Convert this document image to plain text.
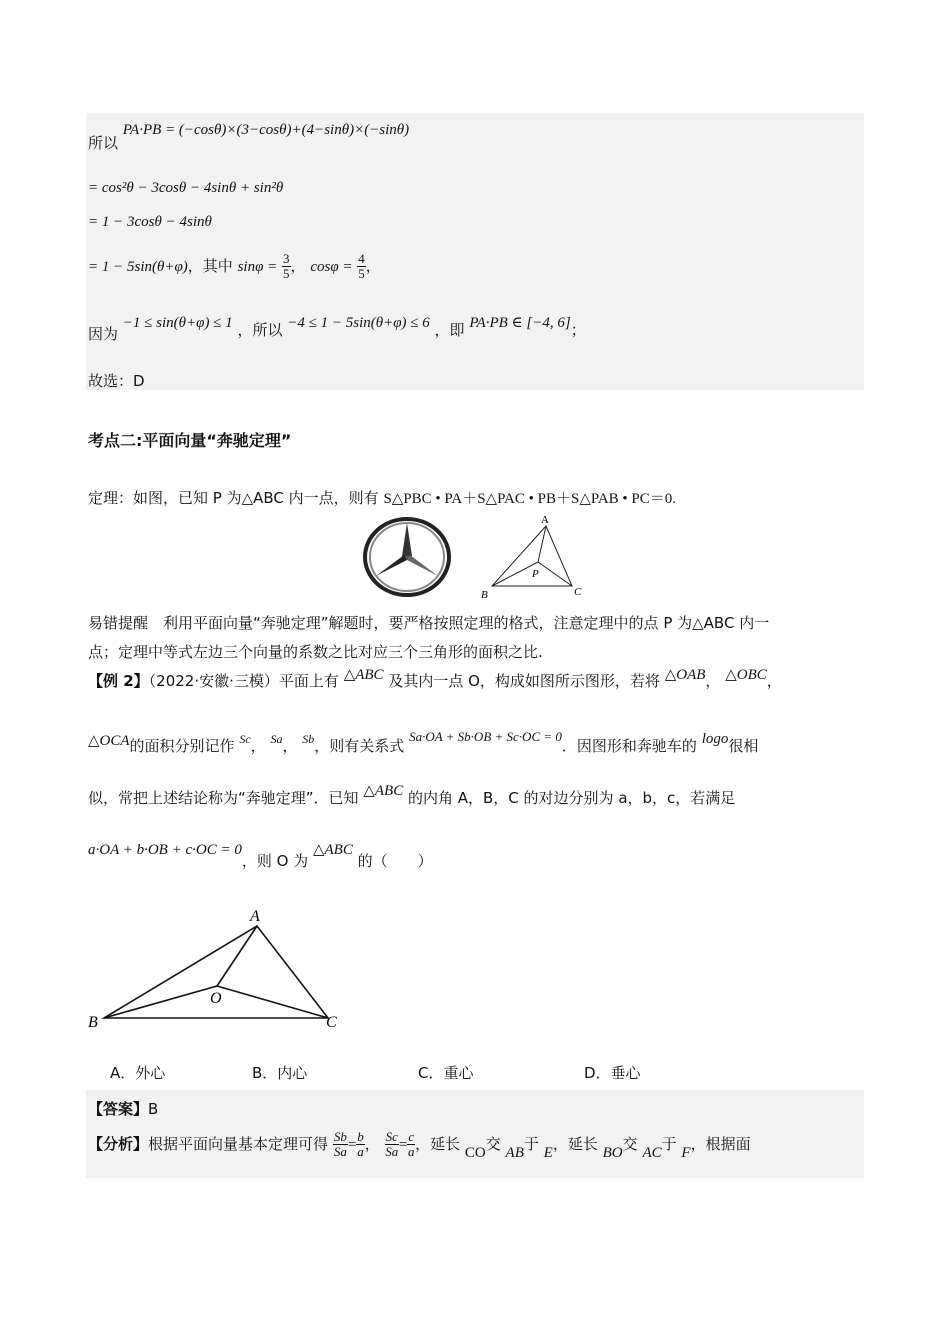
所以 PA·PB = (−cosθ)×(3−cosθ)+(4−sinθ)×(−sinθ)
= cos²θ − 3cosθ − 4sinθ + sin²θ
= 1 − 3cosθ − 4sinθ
= 1 − 5sin(θ+φ)，其中 $\sin\varphi = \frac{3}{5}$ ， $\cos\varphi = \frac{4}{5}$ ，
因为 −1 ≤ sin(θ+φ) ≤ 1 ，所以 −4 ≤ 1 − 5sin(θ+φ) ≤ 6 ，即 PA·PB ∈ [−4, 6]；
故选：D
考点二:平面向量“奔驰定理”
定理：如图，已知 P 为△ABC 内一点，则有 S△PBC • PA＋S△PAC • PB＋S△PAB • PC＝0.
A
B	C
P
易错提醒　利用平面向量“奔驰定理”解题时，要严格按照定理的格式，注意定理中的点 P 为△ABC 内一
点；定理中等式左边三个向量的系数之比对应三个三角形的面积之比.
【例 2】（2022·安徽·三模）平面上有 △ABC 及其内一点 O，构成如图所示图形，若将 △OAB， △OBC，
△OCA的面积分别记作 $^{Sc}$， $^{Sa}$， $^{Sb}$，则有关系式 Sa·OA + Sb·OB + Sc·OC = 0．因图形和奔驰车的 logo很相
似，常把上述结论称为“奔驰定理”．已知 △ABC 的内角 A，B，C 的对边分别为 a，b，c，若满足
a·OA + b·OB + c·OC = 0，则 O 为 △ABC 的（　　）
A
B	C
O
A．外心	B．内心	C．重心	D．垂心
【答案】B
【分析】根据平面向量基本定理可得 $\frac{Sb}{Sa} = \frac{b}{a}$ ， $\frac{Sc}{Sa} = \frac{c}{a}$ ，延长 CO交 AB于 E，延长 BO交 AC于 F，根据面
